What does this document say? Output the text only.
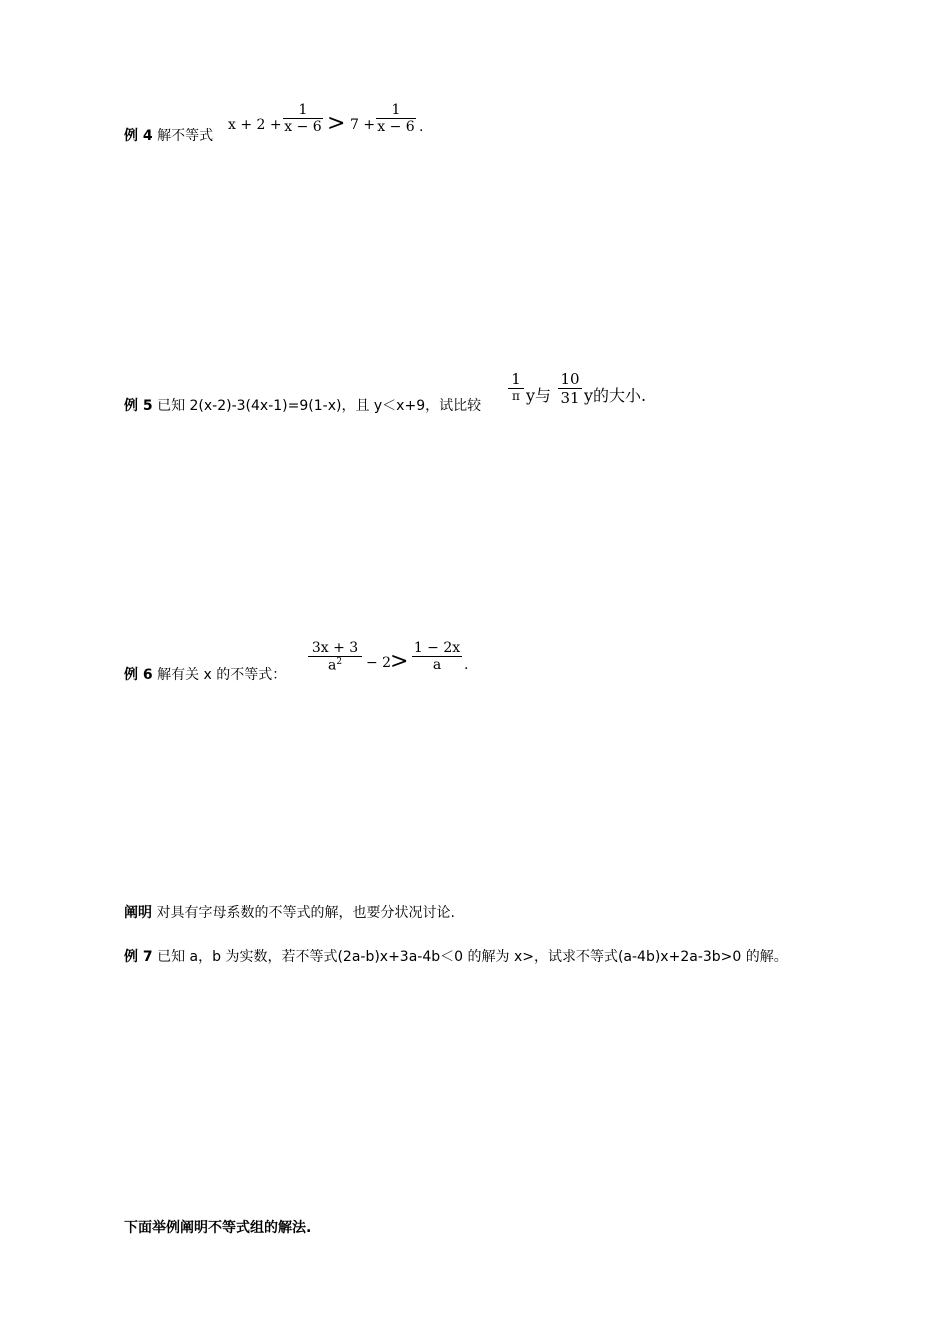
例 4 解不等式
x + 2 +
1
x − 6 > 7 +
1
x − 6 .
例 5 已知 2(x-2)-3(4x-1)=9(1-x)，且 y＜x+9，试比较
1
π y与
10
31 y的大小.
例 6 解有关 x 的不等式：
3x + 3
$a^2$	− 2
>
1 − 2x
a	.
阐明 对具有字母系数的不等式的解，也要分状况讨论.
例 7 已知 a，b 为实数，若不等式(2a-b)x+3a-4b＜0 的解为 x>，试求不等式(a-4b)x+2a-3b>0 的解。
下面举例阐明不等式组的解法.
